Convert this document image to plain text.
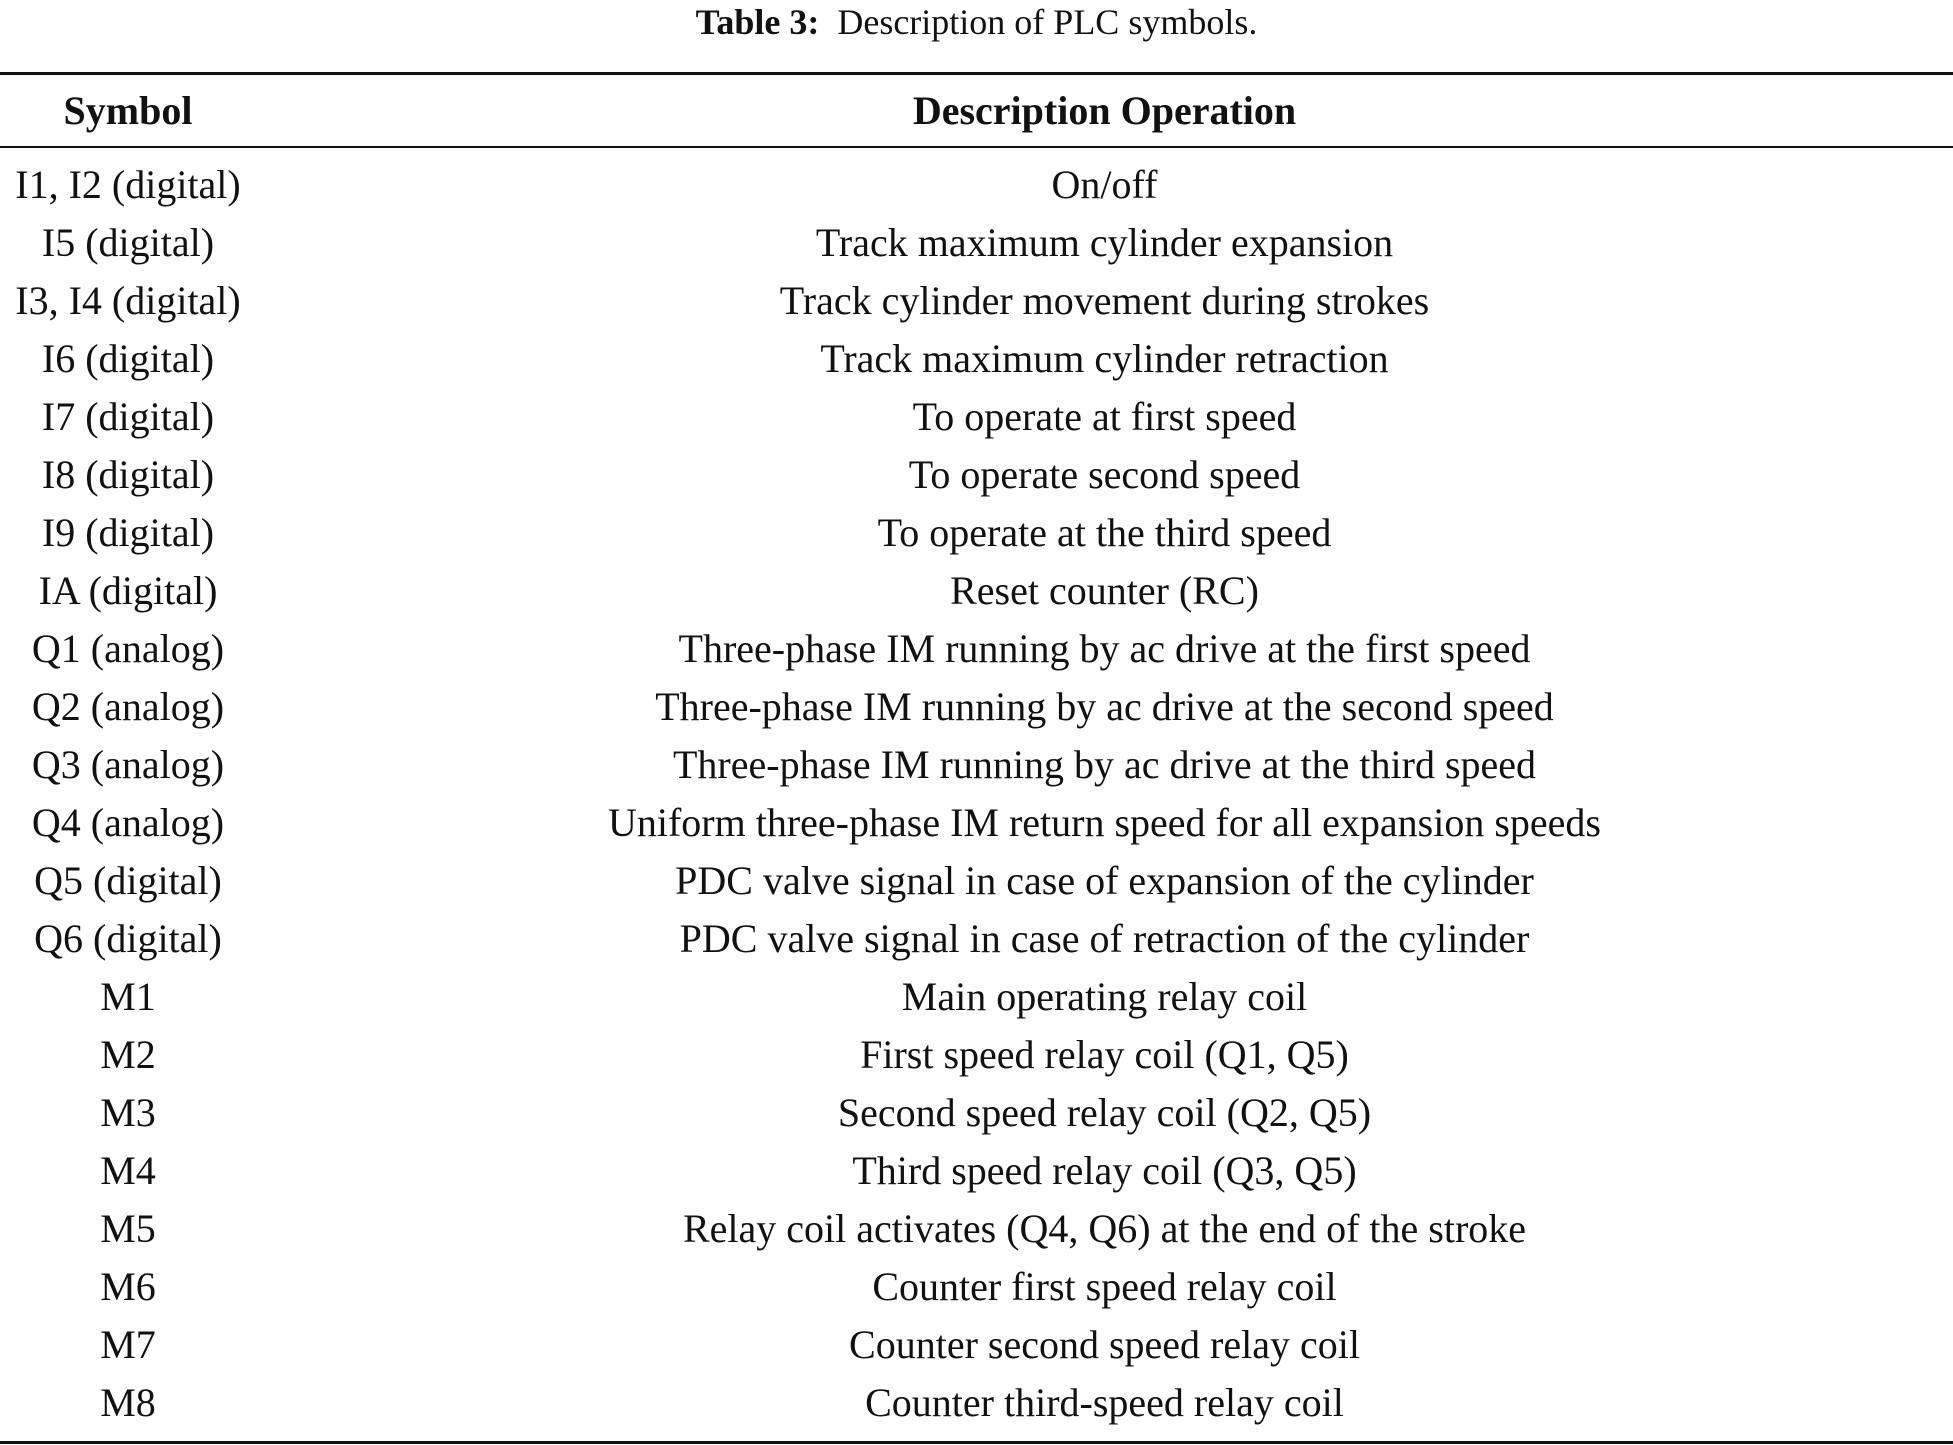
Table 3: Description of PLC symbols.
Symbol	Description Operation

I1, I2 (digital)	On/off
I5 (digital)	Track maximum cylinder expansion
I3, I4 (digital)	Track cylinder movement during strokes
I6 (digital)	Track maximum cylinder retraction
I7 (digital)	To operate at first speed
I8 (digital)	To operate second speed
I9 (digital)	To operate at the third speed
IA (digital)	Reset counter (RC)
Q1 (analog)	Three-phase IM running by ac drive at the first speed
Q2 (analog)	Three-phase IM running by ac drive at the second speed
Q3 (analog)	Three-phase IM running by ac drive at the third speed
Q4 (analog)	Uniform three-phase IM return speed for all expansion speeds
Q5 (digital)	PDC valve signal in case of expansion of the cylinder
Q6 (digital)	PDC valve signal in case of retraction of the cylinder
M1	Main operating relay coil
M2	First speed relay coil (Q1, Q5)
M3	Second speed relay coil (Q2, Q5)
M4	Third speed relay coil (Q3, Q5)
M5	Relay coil activates (Q4, Q6) at the end of the stroke
M6	Counter first speed relay coil
M7	Counter second speed relay coil
M8	Counter third-speed relay coil
